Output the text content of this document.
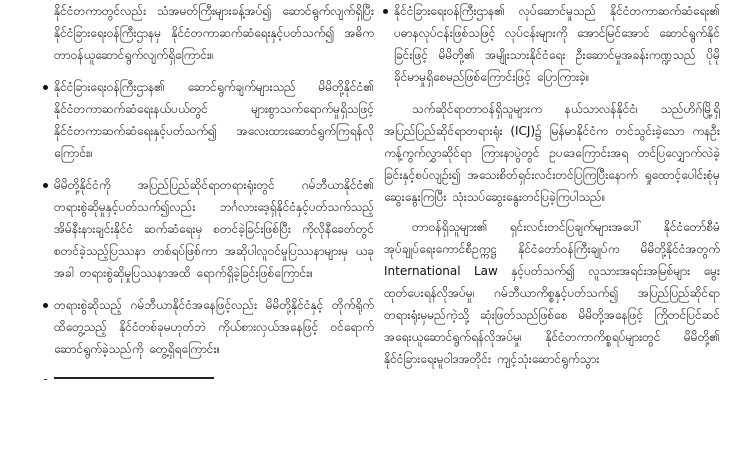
နိုင်ငံတကာတွင်လည်း သံအမတ်ကြီးများခန့်အပ်၍ ဆောင်ရွက်လျက်ရှိပြီး နိုင်ငံခြားရေးဝန်ကြီးဌာနမှ နိုင်ငံတကာဆက်ဆံရေးနှင့်ပတ်သက်၍ အဓိကတာဝန်ယူဆောင်ရွက်လျက်ရှိကြောင်း။
နိုင်ငံခြားရေးဝန်ကြီးဌာန၏ ဆောင်ရွက်ချက်များသည် မိမိတို့နိုင်ငံ၏ နိုင်ငံတကာဆက်ဆံရေးနယ်ပယ်တွင် များစွာသက်ရောက်မှုရှိသဖြင့် နိုင်ငံတကာဆက်ဆံရေးနှင့်ပတ်သက်၍ အလေးထားဆောင်ရွက်ကြရန်လိုကြောင်း။
မိမိတို့နိုင်ငံကို အပြည်ပြည်ဆိုင်ရာတရားရုံးတွင် ဂမ်ဘီယာနိုင်ငံ၏ တရားစွဲဆိုမှုနှင့်ပတ်သက်၍လည်း ဘင်္ဂလားဒေ့ရှ်နိုင်ငံနှင့်ပတ်သက်သည့် အိမ်နီးနားချင်းနိုင်ငံ ဆက်ဆံရေးမှ စတင်ခဲ့ခြင်းဖြစ်ပြီး ကိုလိုနီခေတ်တွင် စတင်ခဲ့သည့်ပြဿနာ တစ်ရပ်ဖြစ်ကာ အဆိုပါလူဝင်မှုပြဿနာများမှ ယခုအခါ တရားစွဲဆိုမှုပြဿနာအထိ ရောက်ရှိခဲ့ခြင်းဖြစ်ကြောင်း။
တရားစွဲဆိုသည့် ဂမ်ဘီယာနိုင်ငံအနေဖြင့်လည်း မိမိတို့နိုင်ငံနှင့် တိုက်ရိုက်ထိတွေ့သည့် နိုင်ငံတစ်ခုမဟုတ်ဘဲ ကိုယ်စားလှယ်အနေဖြင့် ဝင်ရောက်ဆောင်ရွက်ခဲ့သည်ကို တွေ့ရှိရကြောင်း။
နိုင်ငံခြားရေးဝန်ကြီးဌာန၏ လုပ်ဆောင်မှုသည် နိုင်ငံတကာဆက်ဆံရေး၏ ပဓာနလုပ်ငန်းဖြစ်သဖြင့် လုပ်ငန်းများကို အောင်မြင်အောင် ဆောင်ရွက်နိုင်ခြင်းဖြင့် မိမိတို့၏ အမျိုးသားနိုင်ငံရေး ဦးဆောင်မှုအခန်းကဏ္ဍသည် ပိုမိုခိုင်မာမှုရှိစေမည်ဖြစ်ကြောင်းဖြင့် ပြောကြားခဲ့။

သက်ဆိုင်ရာတာဝန်ရှိသူများက နယ်သာလန်နိုင်ငံ၊ သည်ဟိဂ်မြို့ရှိ အပြည်ပြည်ဆိုင်ရာတရားရုံး (ICJ)၌ မြန်မာနိုင်ငံက တင်သွင်းခဲ့သော ကနဦးကန့်ကွက်လွှာဆိုင်ရာ ကြားနာပွဲတွင် ဥပဒေကြောင်းအရ တင်ပြလျှောက်လဲခဲ့ခြင်းနှင့်စပ်လျဉ်း၍ အသေးစိတ်ရှင်းလင်းတင်ပြကြပြီးနောက် ရှုထောင့်ပေါင်းစုံမှ ဆွေးနွေးကြပြီး သုံးသပ်ဆွေးနွေးတင်ပြခဲ့ကြပါသည်။

တာဝန်ရှိသူများ၏ ရှင်းလင်းတင်ပြချက်များအပေါ် နိုင်ငံတော်စီမံအုပ်ချုပ်ရေးကောင်စီဥက္ကဋ္ဌ နိုင်ငံတော်ဝန်ကြီးချုပ်က မိမိတို့နိုင်ငံအတွက် International Law နှင့်ပတ်သက်၍ လူသားအရင်းအမြစ်များ မွေးထုတ်ပေးရန်လိုအပ်မှု၊ ဂမ်ဘီယာကိစ္စနှင့်ပတ်သက်၍ အပြည်ပြည်ဆိုင်ရာတရားရုံးမှမည်ကဲ့သို့ ဆုံးဖြတ်သည်ဖြစ်စေ မိမိတို့အနေဖြင့် ကြိုတင်ပြင်ဆင်အရေးယူဆောင်ရွက်ရန်လိုအပ်မှု၊ နိုင်ငံတကာကိစ္စရပ်များတွင် မိမိတို့၏ နိုင်ငံခြားရေးမူဝါဒအတိုင်း ကျင့်သုံးဆောင်ရွက်သွား
